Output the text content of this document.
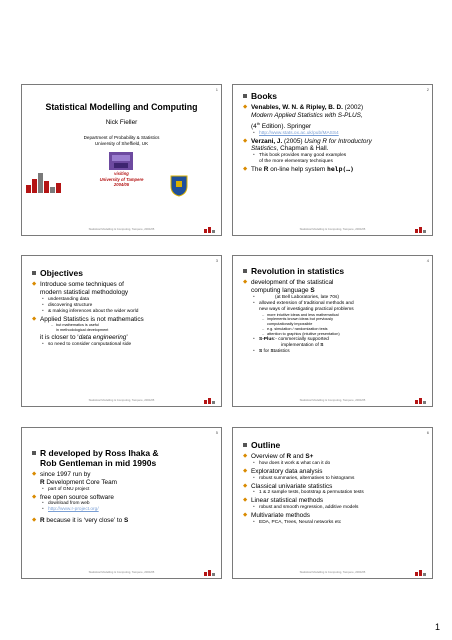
1
Statistical Modelling and Computing
Nick Fieller
Department of Probability & Statistics
University of Sheffield, UK
visiting
University of Tampere
2004/05
Statistical Modelling & Computing, Tampere, 2004/05
2
Books
◆ Venables, W. N. & Ripley, B. D. (2002)
Modern Applied Statistics with S-PLUS,
(4th Edition). Springer
• http://www.stats.ox.ac.uk/pub/MASS4
◆ Verzani, J. (2005) Using R for Introductory
Statistics, Chapman & Hall.
• This book provides many good examples
of the more elementary techniques
◆ The R on-line help system help(…)
Statistical Modelling & Computing, Tampere, 2004/05
3
Objectives
◆ Introduce some techniques of
modern statistical methodology
• understanding data
• discovering structure
• & making inferences about the wider world
◆ Applied Statistics is not mathematics
– but mathematics is useful
in methodological development
it is closer to ‘data engineering’
• so need to consider computational side
Statistical Modelling & Computing, Tampere, 2004/05
4
Revolution in statistics
◆ development of the statistical
computing language S
• (at Bell Laboratories, late 70s)
• allowed extension of traditional methods and
new ways of investigating practical problems
– more intuitive ideas and less mathematical
– implements known ideas but previously
computationally impossible
– e.g. simulation / randomization tests
– attention to graphics (intuitive presentation)
• S-Plus:- commercially supported
implementation of S
• S for Statistics
Statistical Modelling & Computing, Tampere, 2004/05
5
R developed by Ross Ihaka &
Rob Gentleman in mid 1990s
◆ since 1997 run by
R Development Core Team
• part of GNU project
◆ free open source software
• download from web
• http://www.r-project.org/
◆ R because it is ‘very close’ to S
Statistical Modelling & Computing, Tampere, 2004/05
6
Outline
◆ Overview of R and S+
• how does it work & what can it do
◆ Exploratory data analysis
• robust summaries, alternatives to histograms
◆ Classical univariate statistics
• 1 & 2 sample tests, bootstrap & permutation tests
◆ Linear statistical methods
• robust and smooth regression, additive models
◆ Multivariate methods
• EDA, PCA, Trees, Neural networks etc
Statistical Modelling & Computing, Tampere, 2004/05
1
